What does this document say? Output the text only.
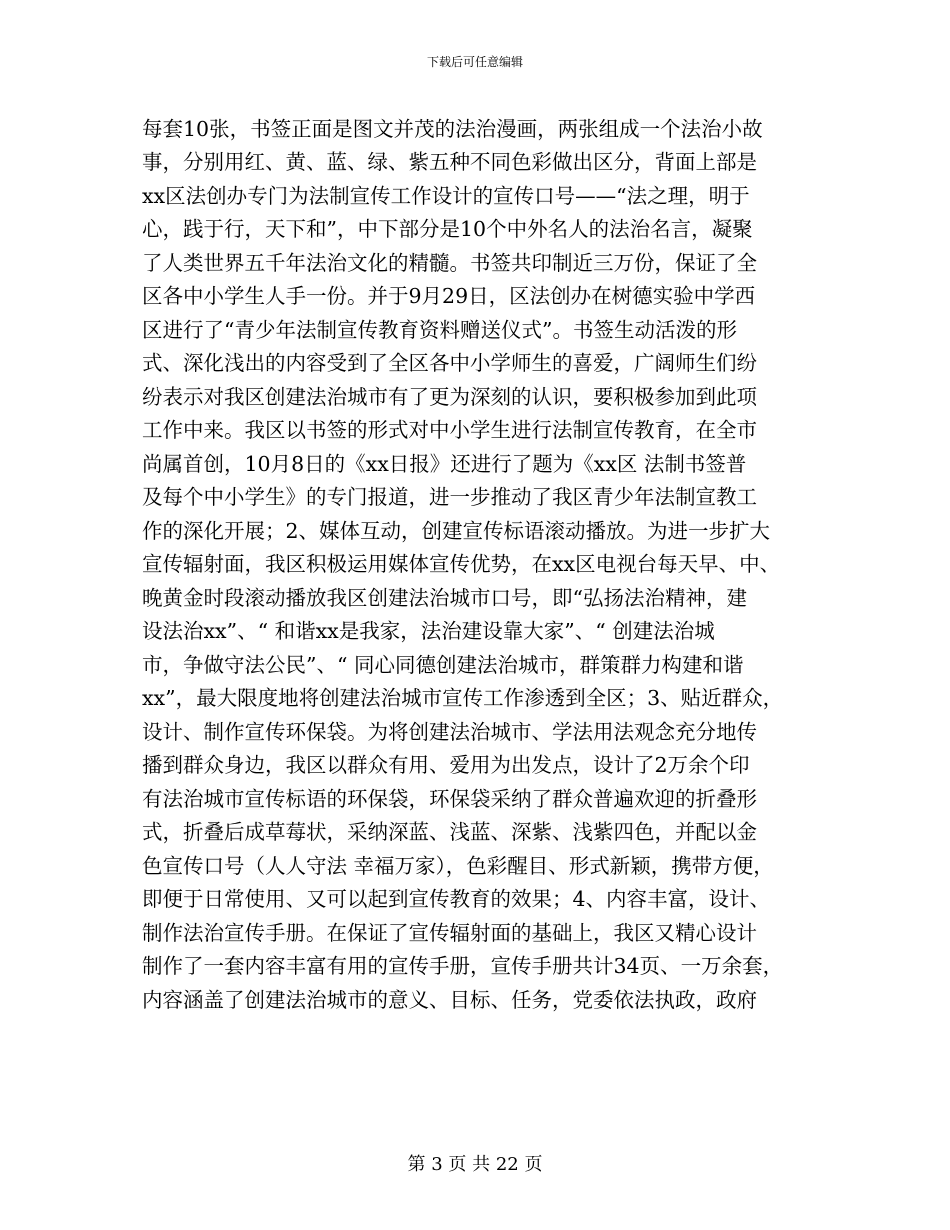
下载后可任意编辑
每套10张，书签正面是图文并茂的法治漫画，两张组成一个法治小故
事，分别用红、黄、蓝、绿、紫五种不同色彩做出区分，背面上部是
xx区法创办专门为法制宣传工作设计的宣传口号——“法之理，明于
心，践于行，天下和”，中下部分是10个中外名人的法治名言，凝聚
了人类世界五千年法治文化的精髓。书签共印制近三万份，保证了全
区各中小学生人手一份。并于9月29日，区法创办在树德实验中学西
区进行了“青少年法制宣传教育资料赠送仪式”。书签生动活泼的形
式、深化浅出的内容受到了全区各中小学师生的喜爱，广阔师生们纷
纷表示对我区创建法治城市有了更为深刻的认识，要积极参加到此项
工作中来。我区以书签的形式对中小学生进行法制宣传教育，在全市
尚属首创，10月8日的《xx日报》还进行了题为《xx区 法制书签普
及每个中小学生》的专门报道，进一步推动了我区青少年法制宣教工
作的深化开展；2、媒体互动，创建宣传标语滚动播放。为进一步扩大
宣传辐射面，我区积极运用媒体宣传优势，在xx区电视台每天早、中、
晚黄金时段滚动播放我区创建法治城市口号，即“弘扬法治精神，建
设法治xx”、“ 和谐xx是我家，法治建设靠大家”、“ 创建法治城
市，争做守法公民”、“ 同心同德创建法治城市，群策群力构建和谐
xx”，最大限度地将创建法治城市宣传工作渗透到全区；3、贴近群众，
设计、制作宣传环保袋。为将创建法治城市、学法用法观念充分地传
播到群众身边，我区以群众有用、爱用为出发点，设计了2万余个印
有法治城市宣传标语的环保袋，环保袋采纳了群众普遍欢迎的折叠形
式，折叠后成草莓状，采纳深蓝、浅蓝、深紫、浅紫四色，并配以金
色宣传口号（人人守法 幸福万家），色彩醒目、形式新颖，携带方便，
即便于日常使用、又可以起到宣传教育的效果；4、内容丰富，设计、
制作法治宣传手册。在保证了宣传辐射面的基础上，我区又精心设计
制作了一套内容丰富有用的宣传手册，宣传手册共计34页、一万余套，
内容涵盖了创建法治城市的意义、目标、任务，党委依法执政，政府
第 3 页 共 22 页
